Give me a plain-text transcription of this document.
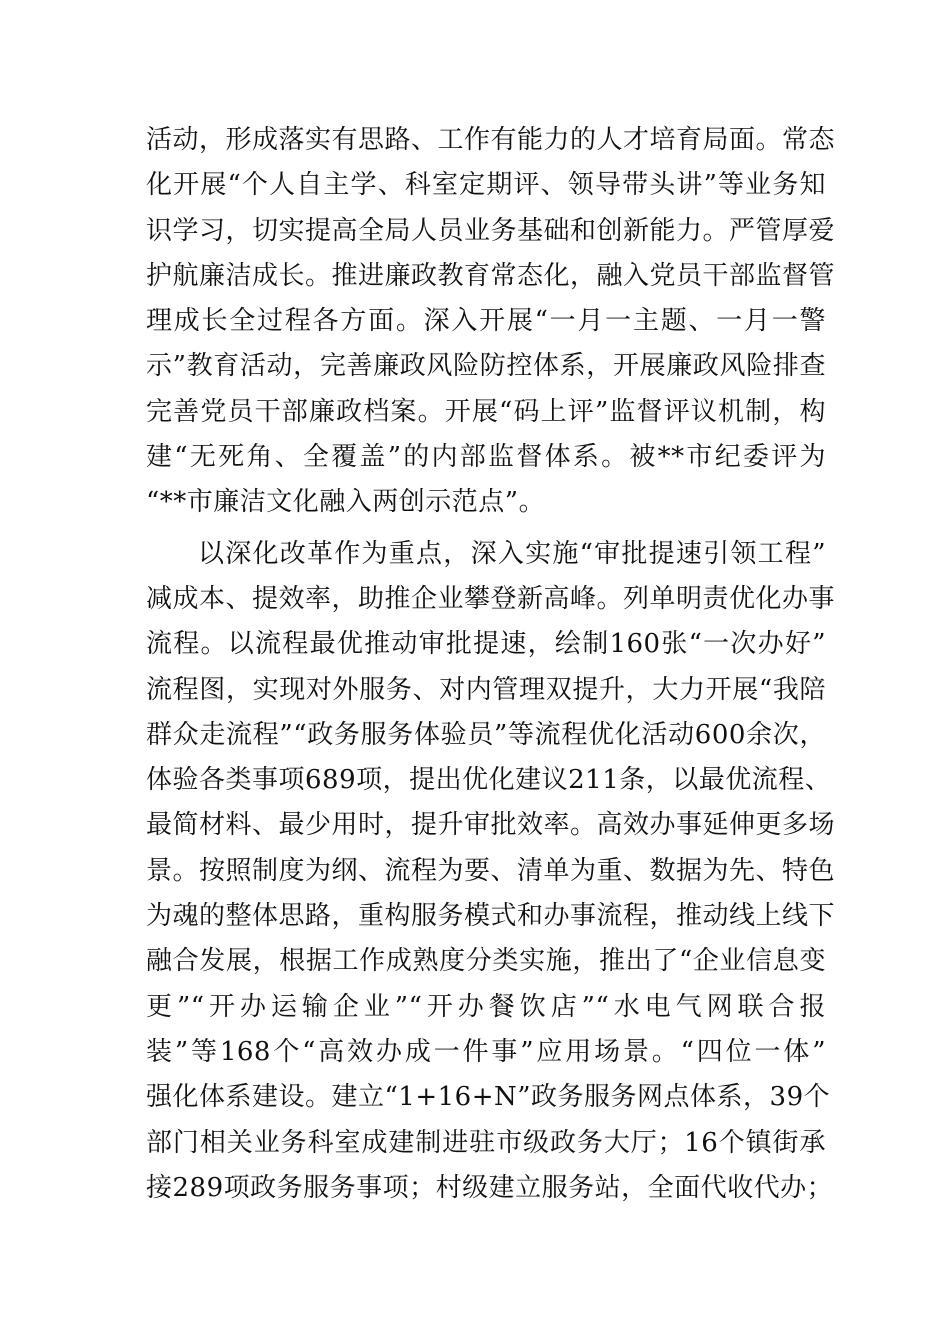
活动，形成落实有思路、工作有能力的人才培育局面。常态
化开展“个人自主学、科室定期评、领导带头讲”等业务知
识学习，切实提高全局人员业务基础和创新能力。严管厚爱
护航廉洁成长。推进廉政教育常态化，融入党员干部监督管
理成长全过程各方面。深入开展“一月一主题、一月一警
示”教育活动，完善廉政风险防控体系，开展廉政风险排查
完善党员干部廉政档案。开展“码上评”监督评议机制，构
建“无死角、全覆盖”的内部监督体系。被**市纪委评为
“**市廉洁文化融入两创示范点”。
以深化改革作为重点，深入实施“审批提速引领工程”
减成本、提效率，助推企业攀登新高峰。列单明责优化办事
流程。以流程最优推动审批提速，绘制160张“一次办好”
流程图，实现对外服务、对内管理双提升，大力开展“我陪
群众走流程”“政务服务体验员”等流程优化活动600余次，
体验各类事项689项，提出优化建议211条，以最优流程、
最简材料、最少用时，提升审批效率。高效办事延伸更多场
景。按照制度为纲、流程为要、清单为重、数据为先、特色
为魂的整体思路，重构服务模式和办事流程，推动线上线下
融合发展，根据工作成熟度分类实施，推出了“企业信息变
更”“开办运输企业”“开办餐饮店”“水电气网联合报
装”等168个“高效办成一件事”应用场景。“四位一体”
强化体系建设。建立“1+16+N”政务服务网点体系，39个
部门相关业务科室成建制进驻市级政务大厅；16个镇街承
接289项政务服务事项；村级建立服务站，全面代收代办；
